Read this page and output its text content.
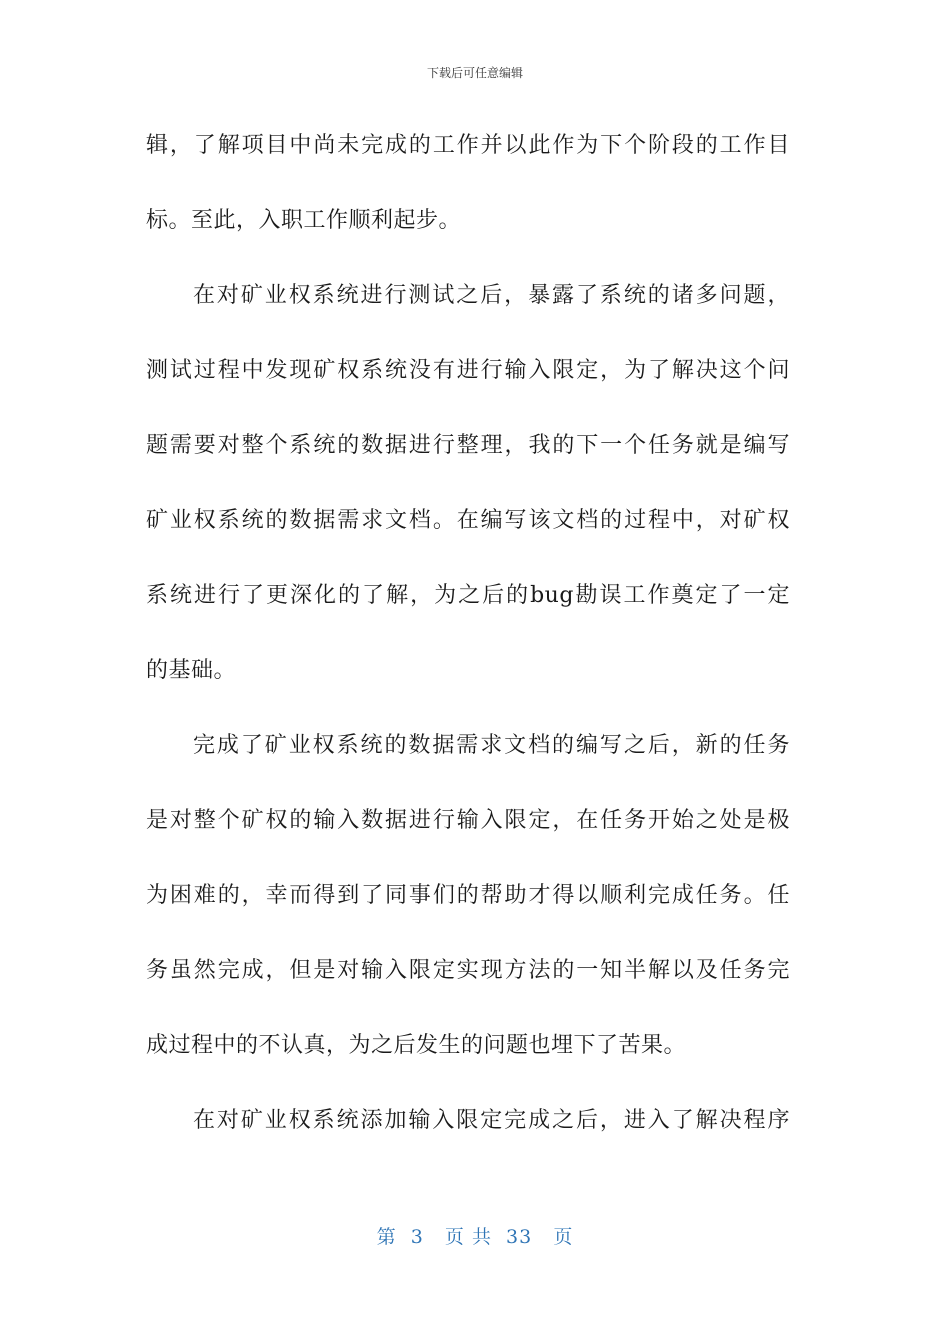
下载后可任意编辑
辑，了解项目中尚未完成的工作并以此作为下个阶段的工作目
标。至此，入职工作顺利起步。
在对矿业权系统进行测试之后，暴露了系统的诸多问题，
测试过程中发现矿权系统没有进行输入限定，为了解决这个问
题需要对整个系统的数据进行整理，我的下一个任务就是编写
矿业权系统的数据需求文档。在编写该文档的过程中，对矿权
系统进行了更深化的了解，为之后的bug勘误工作奠定了一定
的基础。
完成了矿业权系统的数据需求文档的编写之后，新的任务
是对整个矿权的输入数据进行输入限定，在任务开始之处是极
为困难的，幸而得到了同事们的帮助才得以顺利完成任务。任
务虽然完成，但是对输入限定实现方法的一知半解以及任务完
成过程中的不认真，为之后发生的问题也埋下了苦果。
在对矿业权系统添加输入限定完成之后，进入了解决程序
第  3   页 共  33   页
